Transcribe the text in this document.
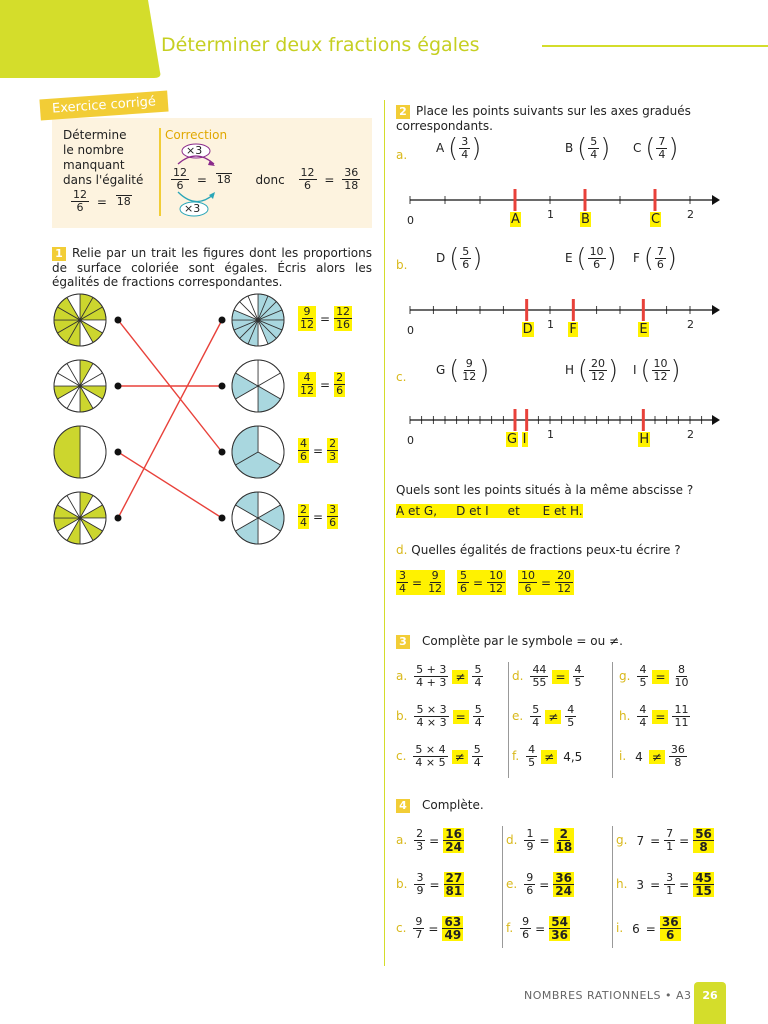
Déterminer deux fractions égales
Exercice corrigé
Détermine
le nombre
manquant
dans l'égalité
$\frac{12}{6} = 18$
Correction
×3
×3
$\frac{12}{6} = 18$ donc $\frac{12}{6} = \frac{36}{18}$
1 Relie par un trait les figures dont les proportions de surface coloriée sont égales. Écris alors les égalités de fractions correspondantes.
2 Place les points suivants sur les axes gradués correspondants.
Quels sont les points situés à la même abscisse ?
A et G,     D et I     et      E et H.
d. Quelles égalités de fractions peux-tu écrire ?
3 Complète par le symbole = ou ≠.
4 Complète.
NOMBRES RATIONNELS • A3 26
$\frac{9}{12} = \frac{12}{16}$
$\frac{4}{12} = \frac{2}{6}$
$\frac{4}{6} = \frac{2}{3}$
$\frac{2}{4} = \frac{3}{6}$
a. A ( $\frac{3}{4}$ )	B ( $\frac{5}{4}$ ) C ( $\frac{7}{4}$ )
0	1	2
A	B	C
b. D ( $\frac{5}{6}$ )	E ( $\frac{10}{6}$ ) F ( $\frac{7}{6}$ )
0	1	2
D	F	E
c. G ( $\frac{9}{12}$ )	H ( $\frac{20}{12}$ ) I ( $\frac{10}{12}$ )
0	1	2
G I	H
$\frac{3}{4} = \frac{9}{12} \frac{5}{6} = \frac{10}{12} \frac{10}{6} = \frac{20}{12}$
a. $\frac{5 + 3}{4 + 3} \ne \frac{5}{4}$
b. $\frac{5 \times 3}{4 \times 3} = \frac{5}{4}$
c. $\frac{5 \times 4}{4 \times 5} \ne \frac{5}{4}$
d. $\frac{44}{55} = \frac{4}{5}$
e. $\frac{5}{4} \ne \frac{4}{5}$
f. $\frac{4}{5} \ne 4,5$
g. $\frac{4}{5} = \frac{8}{10}$
h. $\frac{4}{4} = \frac{11}{11}$
i. $4 \ne \frac{36}{8}$
a. $\frac{2}{3} = \frac{16}{24}$
b. $\frac{3}{9} = \frac{27}{81}$
c. $\frac{9}{7} = \frac{63}{49}$
d. $\frac{1}{9} = \frac{2}{18}$
e. $\frac{9}{6} = \frac{36}{24}$
f. $\frac{9}{6} = \frac{54}{36}$
g. $7 = \frac{7}{1} = \frac{56}{8}$
h. $3 = \frac{3}{1} = \frac{45}{15}$
i. $6 = \frac{36}{6}$
